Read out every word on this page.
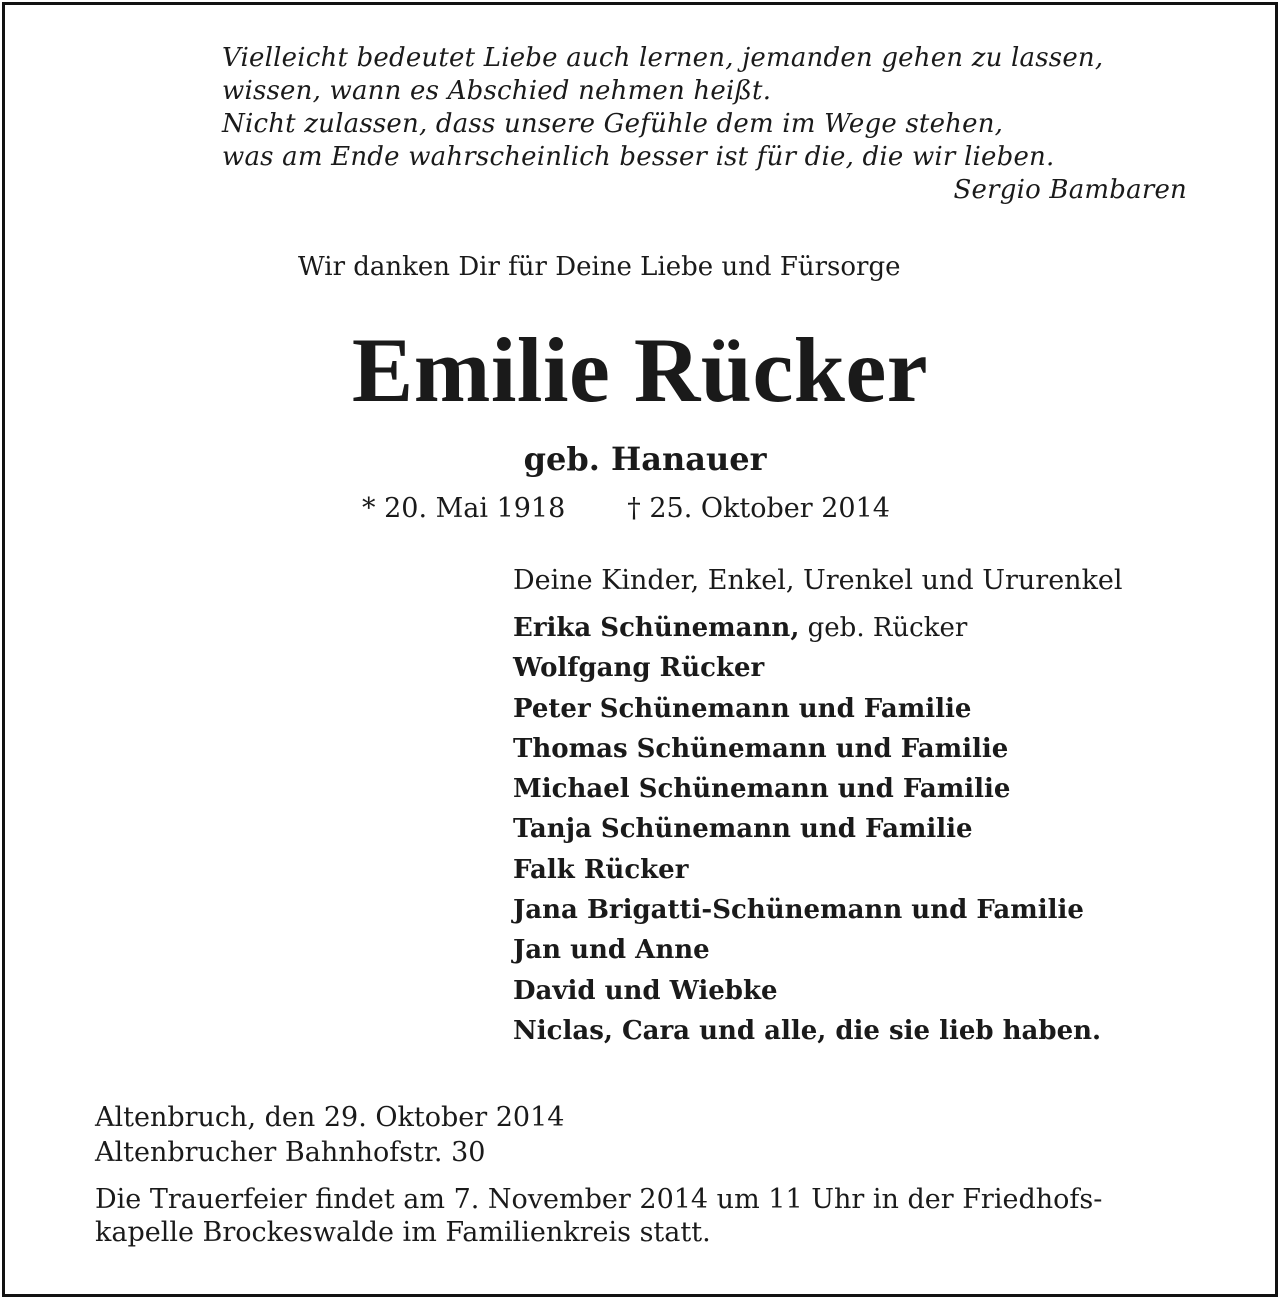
Vielleicht bedeutet Liebe auch lernen, jemanden gehen zu lassen,
wissen, wann es Abschied nehmen heißt.
Nicht zulassen, dass unsere Gefühle dem im Wege stehen,
was am Ende wahrscheinlich besser ist für die, die wir lieben.
Sergio Bambaren
Wir danken Dir für Deine Liebe und Fürsorge
Emilie Rücker
geb. Hanauer
* 20. Mai 1918 † 25. Oktober 2014
Deine Kinder, Enkel, Urenkel und Ururenkel
Erika Schünemann, geb. Rücker
Wolfgang Rücker
Peter Schünemann und Familie
Thomas Schünemann und Familie
Michael Schünemann und Familie
Tanja Schünemann und Familie
Falk Rücker
Jana Brigatti-Schünemann und Familie
Jan und Anne
David und Wiebke
Niclas, Cara und alle, die sie lieb haben.
Altenbruch, den 29. Oktober 2014
Altenbrucher Bahnhofstr. 30
Die Trauerfeier findet am 7. November 2014 um 11 Uhr in der Friedhofs-
kapelle Brockeswalde im Familienkreis statt.
